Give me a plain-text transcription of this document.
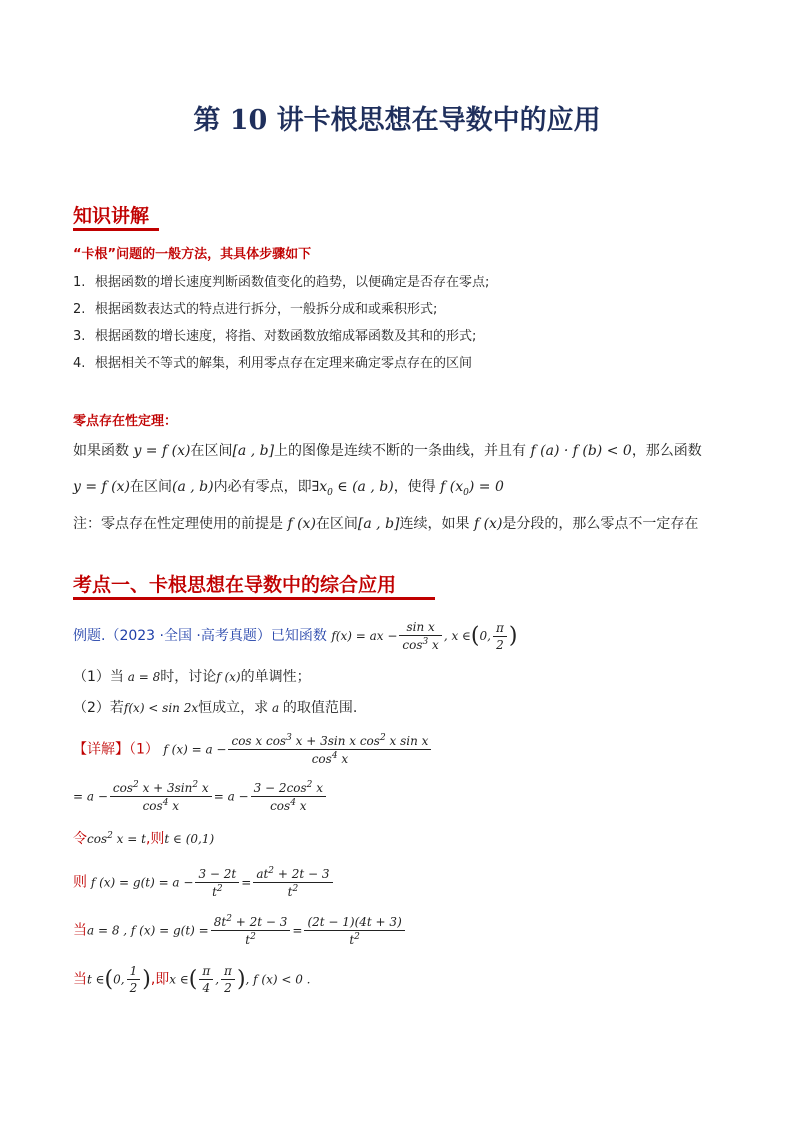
第 10 讲卡根思想在导数中的应用
知识讲解
“卡根”问题的一般方法，其具体步骤如下
1. 根据函数的增长速度判断函数值变化的趋势，以便确定是否存在零点;
2. 根据函数表达式的特点进行拆分，一般拆分成和或乘积形式;
3. 根据函数的增长速度，将指、对数函数放缩成幂函数及其和的形式;
4. 根据相关不等式的解集，利用零点存在定理来确定零点存在的区间
零点存在性定理：
如果函数 y = f (x)在区间[a , b]上的图像是连续不断的一条曲线，并且有 f (a) · f (b) < 0，那么函数
y = f (x)在区间(a , b)内必有零点，即$\exists x_0$ ∈ (a , b)，使得 f $(x_0) = 0$
注：零点存在性定理使用的前提是 f (x)在区间[a , b]连续，如果 f (x)是分段的，那么零点不一定存在
考点一、卡根思想在导数中的综合应用
例题.（2023 ·全国 ·高考真题）已知函数 f(x) = ax − $\frac{\text{sin x}}{\cos^3 x}$ , x ∈(0, $\frac{\pi}{2}$ )
（1）当 a = 8时，讨论f (x)的单调性；
（2）若f(x) < sin 2x恒成立，求 a 的取值范围.
【详解】（1） f $(x) = a - \frac{\cos x \cos^3 x + 3\sin x \cos^2 x \sin x}{\cos^4 x}$
= $a - \frac{\cos^2 x + 3\sin^2 x}{\cos^4 x} = a - \frac{3 - 2\cos^2 x}{\cos^4 x}$
令$\cos^2 x = t$,则t ∈ (0,1)
则 f $(x) = g(t) = a - \frac{3 - 2t}{t^2} = \frac{at^2 + 2t - 3}{t^2}$
当a = 8 , f $(x) = g(t) = \frac{8t^2 + 2t - 3}{t^2} = \frac{(2t - 1)(4t + 3)}{t^2}$
当t ∈(0, $\frac{1}{2}$ ),即x ∈( $\frac{\pi}{4}$ , $\frac{\pi}{2}$ ), f (x) < 0 .
